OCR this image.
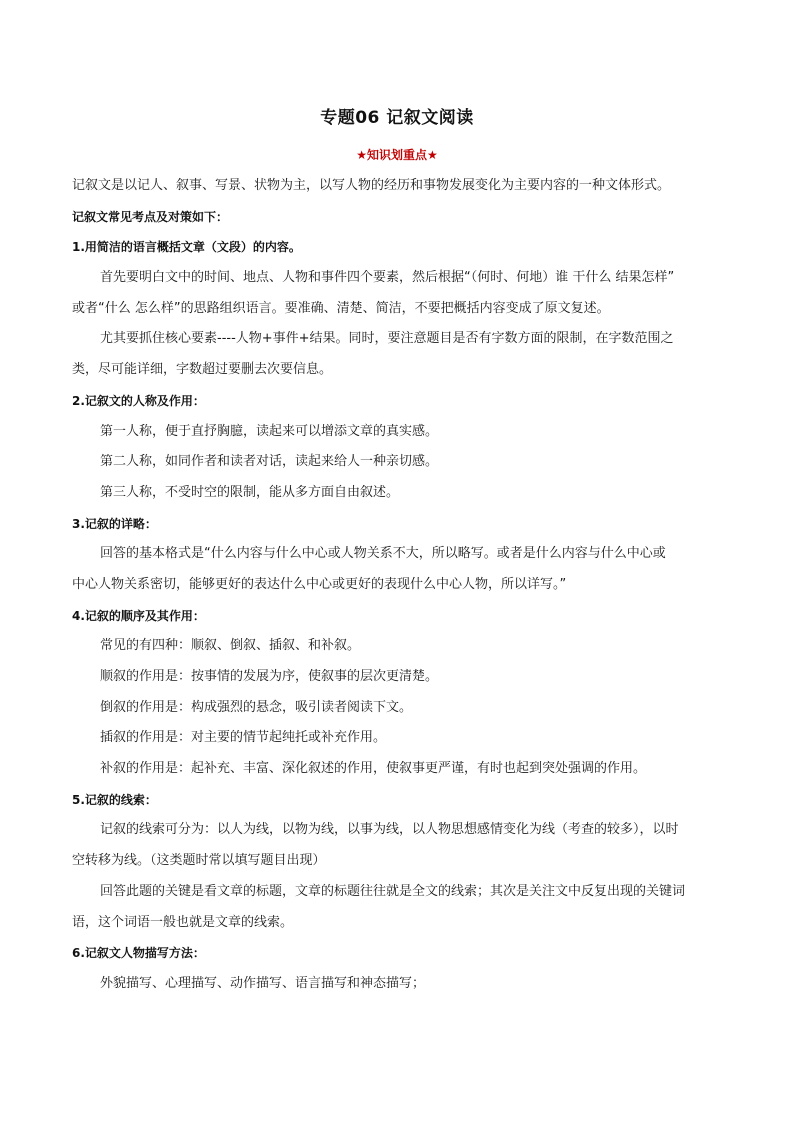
专题06 记叙文阅读
★知识划重点★
记叙文是以记人、叙事、写景、状物为主，以写人物的经历和事物发展变化为主要内容的一种文体形式。
记叙文常见考点及对策如下：
1.用简洁的语言概括文章（文段）的内容。
首先要明白文中的时间、地点、人物和事件四个要素，然后根据“（何时、何地）谁 干什么 结果怎样”
或者“什么 怎么样”的思路组织语言。要准确、清楚、简洁，不要把概括内容变成了原文复述。
尤其要抓住核心要素----人物+事件+结果。同时，要注意题目是否有字数方面的限制，在字数范围之
类，尽可能详细，字数超过要删去次要信息。
2.记叙文的人称及作用：
第一人称，便于直抒胸臆，读起来可以增添文章的真实感。
第二人称，如同作者和读者对话，读起来给人一种亲切感。
第三人称，不受时空的限制，能从多方面自由叙述。
3.记叙的详略：
回答的基本格式是“什么内容与什么中心或人物关系不大，所以略写。或者是什么内容与什么中心或
中心人物关系密切，能够更好的表达什么中心或更好的表现什么中心人物，所以详写。”
4.记叙的顺序及其作用：
常见的有四种：顺叙、倒叙、插叙、和补叙。
顺叙的作用是：按事情的发展为序，使叙事的层次更清楚。
倒叙的作用是：构成强烈的悬念，吸引读者阅读下文。
插叙的作用是：对主要的情节起纯托或补充作用。
补叙的作用是：起补充、丰富、深化叙述的作用，使叙事更严谨，有时也起到突处强调的作用。
5.记叙的线索：
记叙的线索可分为：以人为线，以物为线，以事为线，以人物思想感情变化为线（考查的较多），以时
空转移为线。（这类题时常以填写题目出现）
回答此题的关键是看文章的标题，文章的标题往往就是全文的线索；其次是关注文中反复出现的关键词
语，这个词语一般也就是文章的线索。
6.记叙文人物描写方法：
外貌描写、心理描写、动作描写、语言描写和神态描写；
